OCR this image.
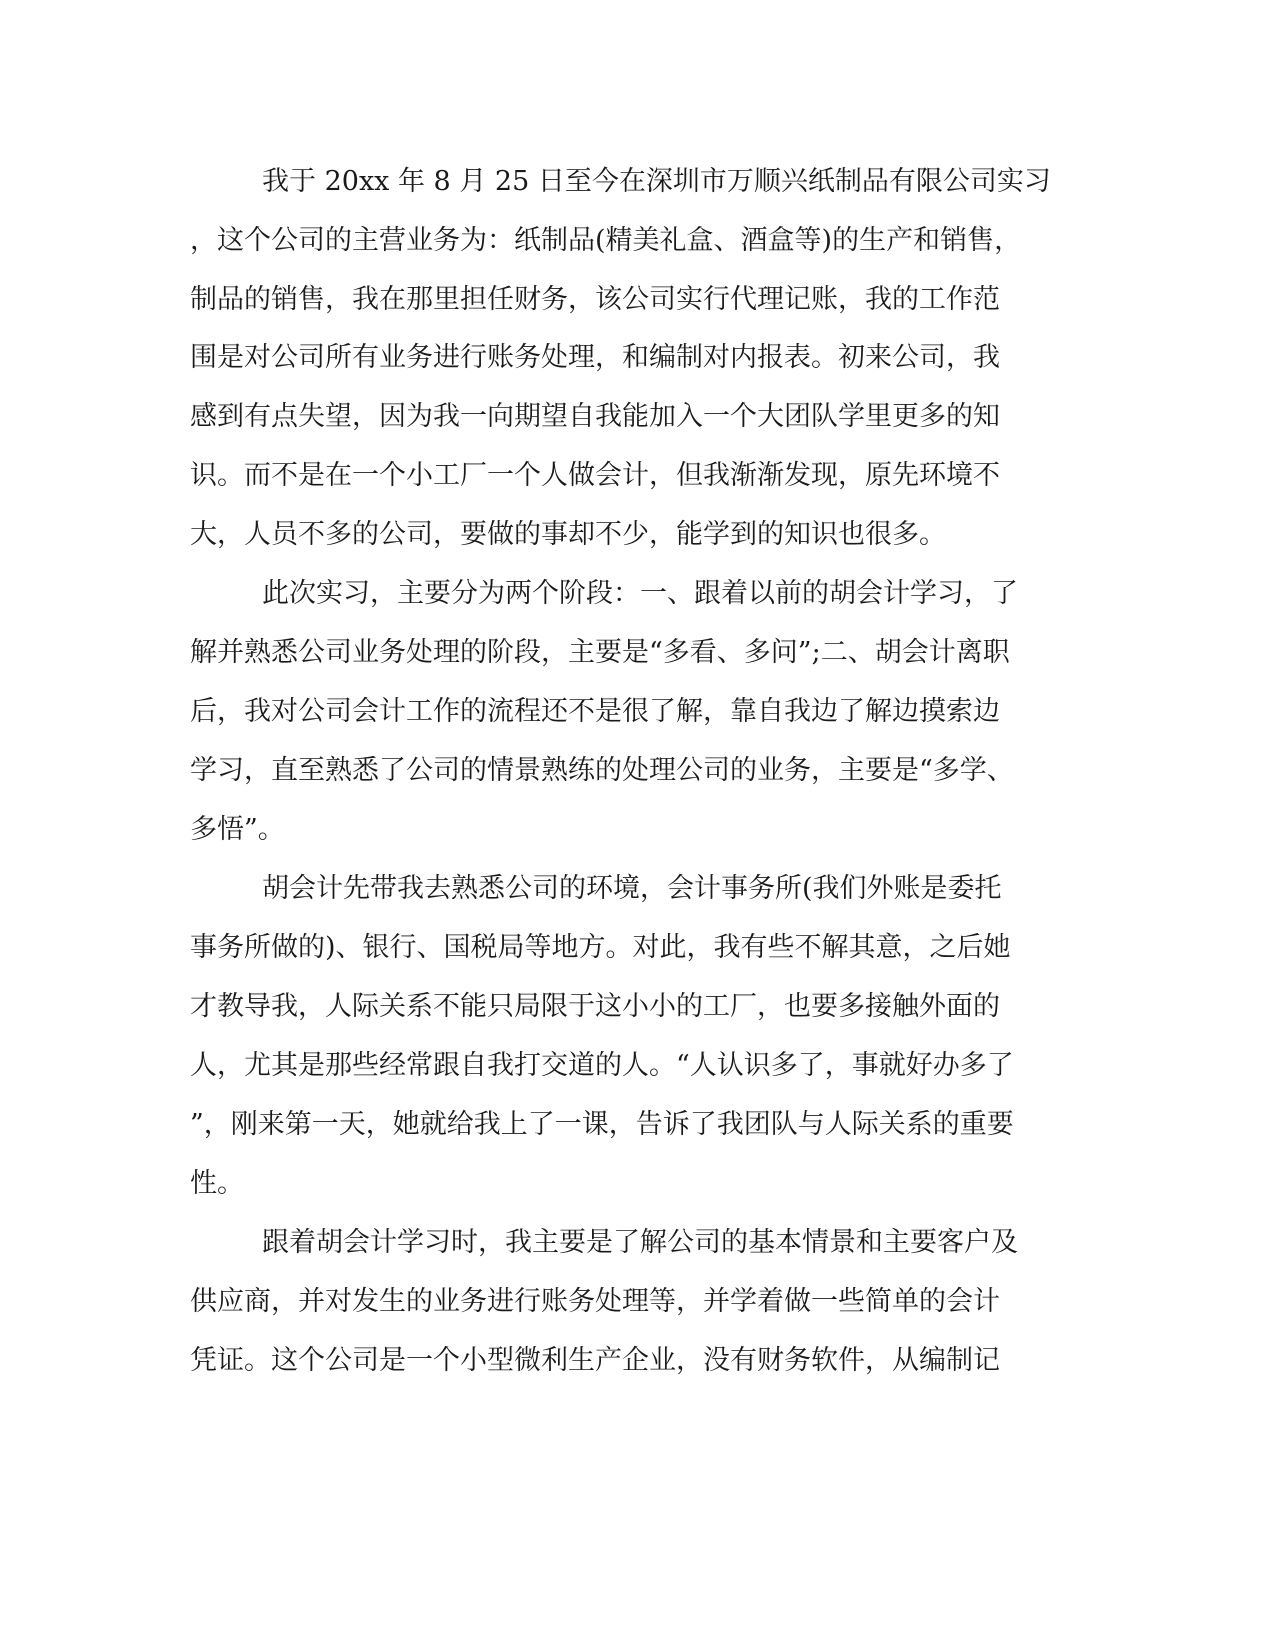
我于 20xx 年 8 月 25 日至今在深圳市万顺兴纸制品有限公司实习
，这个公司的主营业务为：纸制品(精美礼盒、酒盒等)的生产和销售，
制品的销售，我在那里担任财务，该公司实行代理记账，我的工作范
围是对公司所有业务进行账务处理，和编制对内报表。初来公司，我
感到有点失望，因为我一向期望自我能加入一个大团队学里更多的知
识。而不是在一个小工厂一个人做会计，但我渐渐发现，原先环境不
大，人员不多的公司，要做的事却不少，能学到的知识也很多。
此次实习，主要分为两个阶段：一、跟着以前的胡会计学习，了
解并熟悉公司业务处理的阶段，主要是“多看、多问”;二、胡会计离职
后，我对公司会计工作的流程还不是很了解，靠自我边了解边摸索边
学习，直至熟悉了公司的情景熟练的处理公司的业务，主要是“多学、
多悟”。
胡会计先带我去熟悉公司的环境，会计事务所(我们外账是委托
事务所做的)、银行、国税局等地方。对此，我有些不解其意，之后她
才教导我，人际关系不能只局限于这小小的工厂，也要多接触外面的
人，尤其是那些经常跟自我打交道的人。“人认识多了，事就好办多了
”，刚来第一天，她就给我上了一课，告诉了我团队与人际关系的重要
性。
跟着胡会计学习时，我主要是了解公司的基本情景和主要客户及
供应商，并对发生的业务进行账务处理等，并学着做一些简单的会计
凭证。这个公司是一个小型微利生产企业，没有财务软件，从编制记
